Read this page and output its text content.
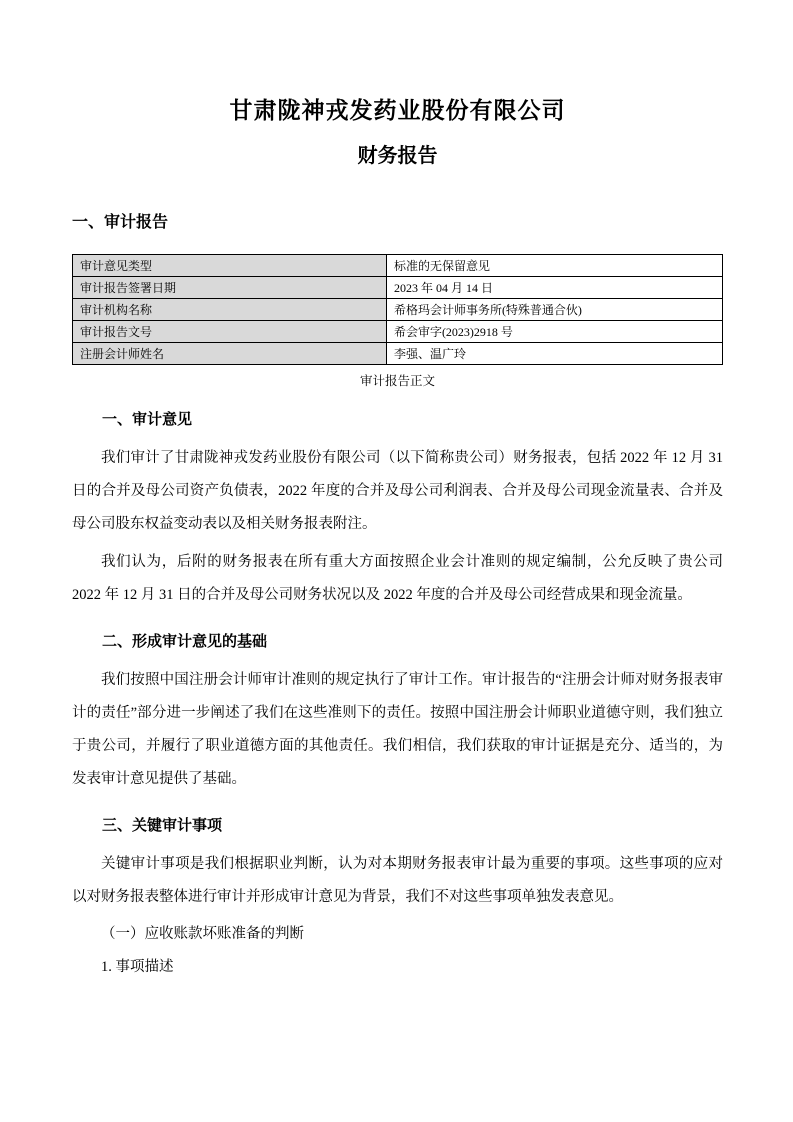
甘肃陇神戎发药业股份有限公司
财务报告
一、审计报告
审计意见类型	标准的无保留意见
审计报告签署日期	2023 年 04 月 14 日
审计机构名称	希格玛会计师事务所(特殊普通合伙)
审计报告文号	希会审字(2023)2918 号
注册会计师姓名	李强、温广玲
审计报告正文
一、审计意见

我们审计了甘肃陇神戎发药业股份有限公司（以下简称贵公司）财务报表，包括 2022 年 12 月 31 日的合并及母公司资产负债表，2022 年度的合并及母公司利润表、合并及母公司现金流量表、合并及母公司股东权益变动表以及相关财务报表附注。

我们认为，后附的财务报表在所有重大方面按照企业会计准则的规定编制，公允反映了贵公司 2022 年 12 月 31 日的合并及母公司财务状况以及 2022 年度的合并及母公司经营成果和现金流量。

二、形成审计意见的基础

我们按照中国注册会计师审计准则的规定执行了审计工作。审计报告的“注册会计师对财务报表审计的责任”部分进一步阐述了我们在这些准则下的责任。按照中国注册会计师职业道德守则，我们独立于贵公司，并履行了职业道德方面的其他责任。我们相信，我们获取的审计证据是充分、适当的，为发表审计意见提供了基础。

三、关键审计事项

关键审计事项是我们根据职业判断，认为对本期财务报表审计最为重要的事项。这些事项的应对以对财务报表整体进行审计并形成审计意见为背景，我们不对这些事项单独发表意见。

（一）应收账款坏账准备的判断
1. 事项描述
